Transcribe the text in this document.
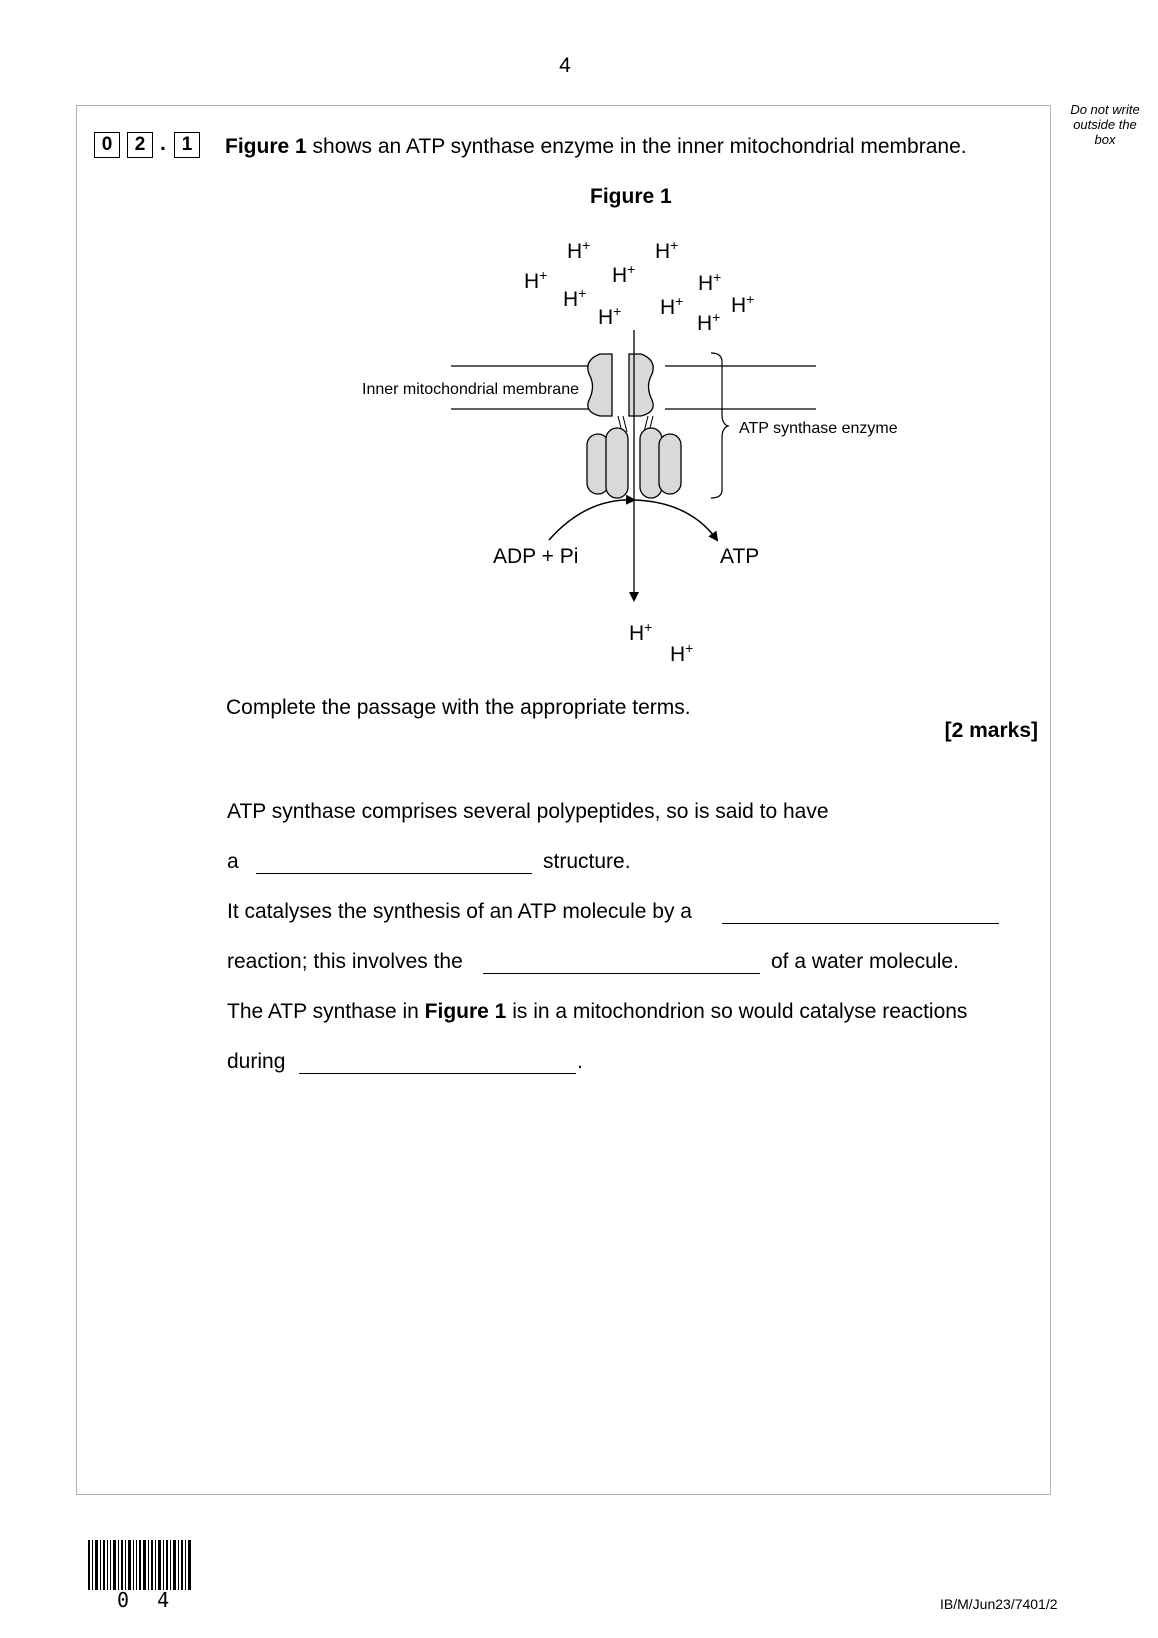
4
Do not write
outside the
box
0	2 . 1	Figure 1 shows an ATP synthase enzyme in the inner mitochondrial membrane.
Figure 1
H+	H+
H+	H+
H+
H+
H+ H+
H+ H+
Inner mitochondrial membrane
ATP synthase enzyme
ADP + Pi	ATP
H+
H+
Complete the passage with the appropriate terms.
[2 marks]
ATP synthase comprises several polypeptides, so is said to have
a	structure.
It catalyses the synthesis of an ATP molecule by a
reaction; this involves the	of a water molecule.
The ATP synthase in Figure 1 is in a mitochondrion so would catalyse reactions
during	.
0 4	IB/M/Jun23/7401/2
